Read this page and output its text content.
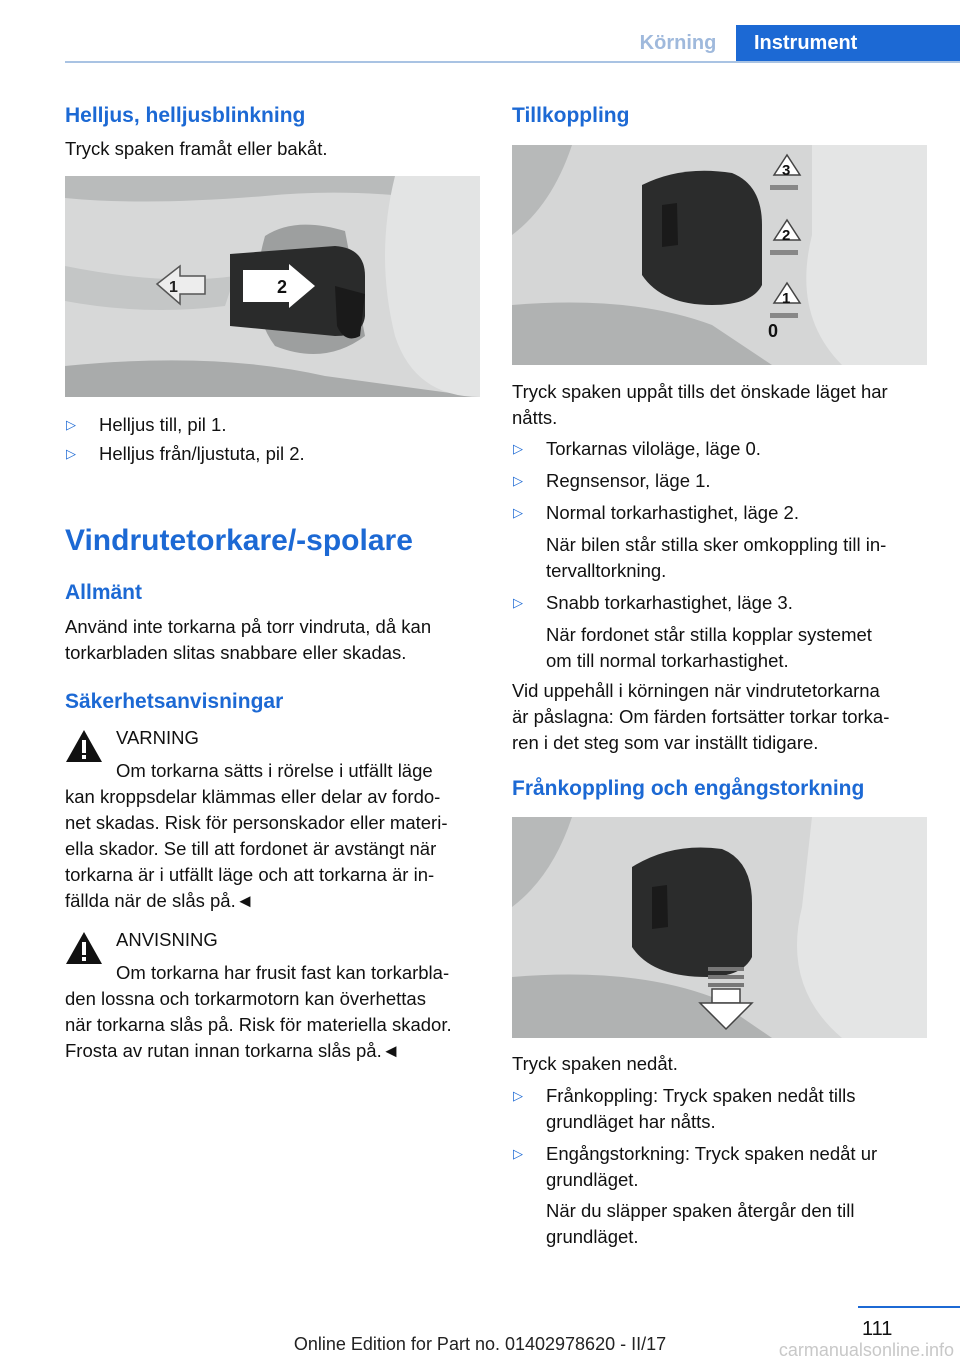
Körning	Instrument
Helljus, helljusblinkning
Tryck spaken framåt eller bakåt.
1	2
▷ Helljus till, pil 1.
▷ Helljus från/ljustuta, pil 2.
Vindrutetorkare/-spolare
Allmänt
Använd inte torkarna på torr vindruta, då kan
torkarbladen slitas snabbare eller skadas.
Säkerhetsanvisningar
VARNING
Om torkarna sätts i rörelse i utfällt läge
kan kroppsdelar klämmas eller delar av fordo-
net skadas. Risk för personskador eller materi-
ella skador. Se till att fordonet är avstängt när
torkarna är i utfällt läge och att torkarna är in-
fällda när de slås på.◄
ANVISNING
Om torkarna har frusit fast kan torkarbla-
den lossna och torkarmotorn kan överhettas
när torkarna slås på. Risk för materiella skador.
Frosta av rutan innan torkarna slås på.◄
Tillkoppling
3
2
1
0
Tryck spaken uppåt tills det önskade läget har
nåtts.
▷ Torkarnas viloläge, läge 0.
▷ Regnsensor, läge 1.
▷ Normal torkarhastighet, läge 2.
När bilen står stilla sker omkoppling till in-
tervalltorkning.
▷ Snabb torkarhastighet, läge 3.
När fordonet står stilla kopplar systemet
om till normal torkarhastighet.
Vid uppehåll i körningen när vindrutetorkarna
är påslagna: Om färden fortsätter torkar torka-
ren i det steg som var inställt tidigare.
Frånkoppling och engångstorkning
Tryck spaken nedåt.
▷ Frånkoppling: Tryck spaken nedåt tills
grundläget har nåtts.
▷ Engångstorkning: Tryck spaken nedåt ur
grundläget.
När du släpper spaken återgår den till
grundläget.
111
Online Edition for Part no. 01402978620 - II/17	carmanualsonline.info
